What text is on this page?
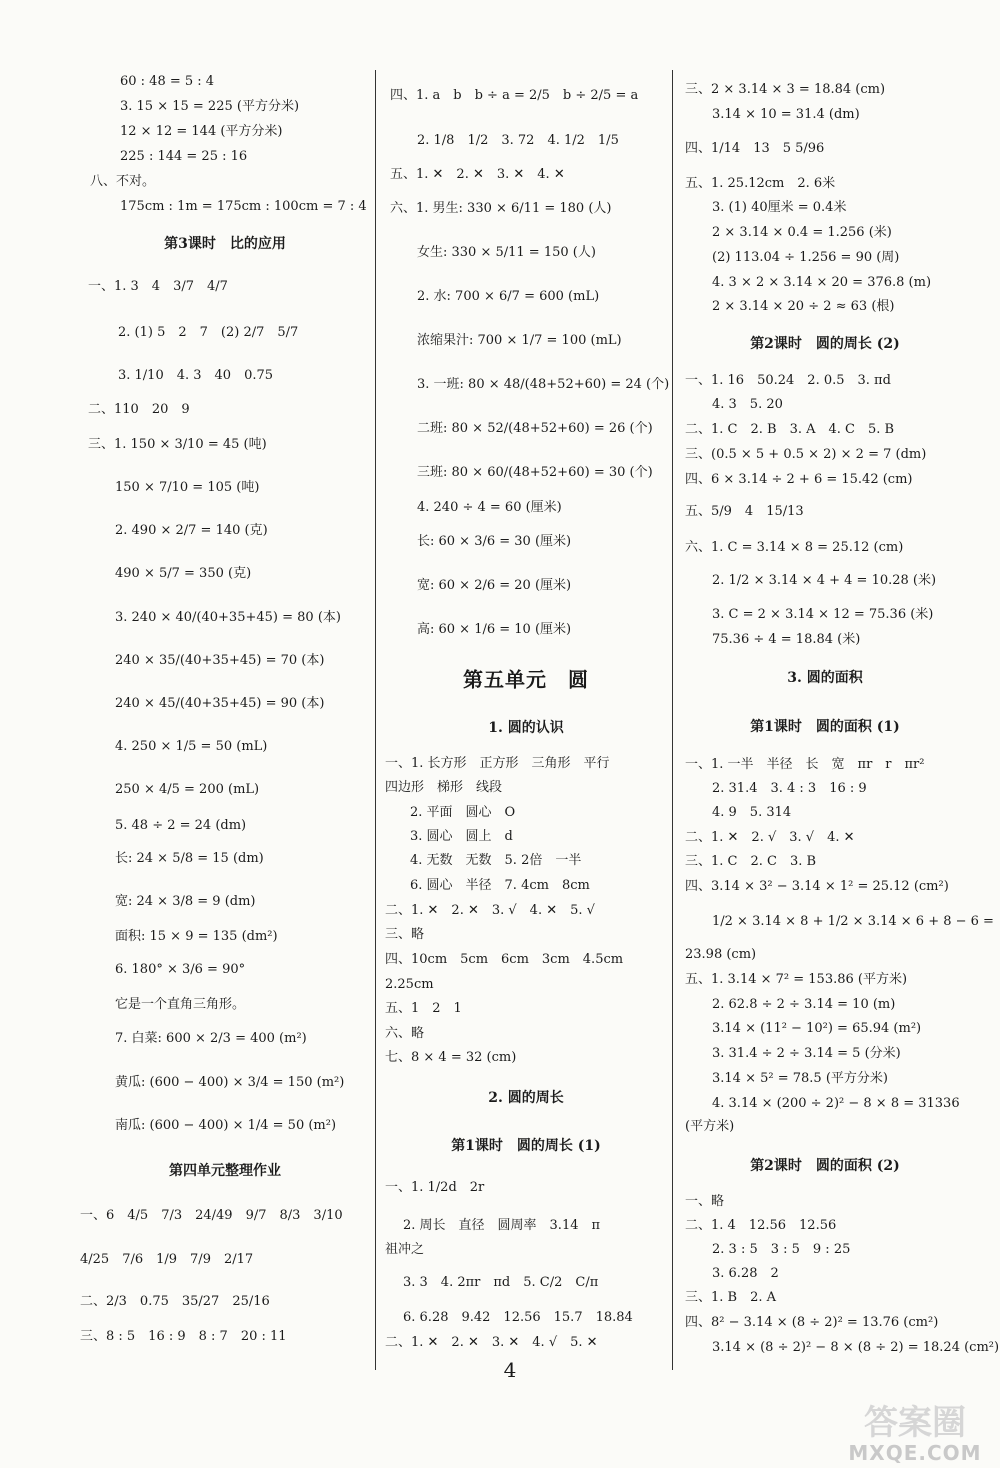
60 : 48 = 5 : 4
3. 15 × 15 = 225 (平方分米)
12 × 12 = 144 (平方分米)
225 : 144 = 25 : 16
八、不对。
175cm : 1m = 175cm : 100cm = 7 : 4
第3课时　比的应用
一、1. 3　4　3/7　4/7
2. (1) 5　2　7　(2) 2/7　5/7
3. 1/10　4. 3　40　0.75
二、110　20　9
三、1. 150 × 3/10 = 45 (吨)
150 × 7/10 = 105 (吨)
2. 490 × 2/7 = 140 (克)
490 × 5/7 = 350 (克)
3. 240 × 40/(40+35+45) = 80 (本)
240 × 35/(40+35+45) = 70 (本)
240 × 45/(40+35+45) = 90 (本)
4. 250 × 1/5 = 50 (mL)
250 × 4/5 = 200 (mL)
5. 48 ÷ 2 = 24 (dm)
长: 24 × 5/8 = 15 (dm)
宽: 24 × 3/8 = 9 (dm)
面积: 15 × 9 = 135 (dm²)
6. 180° × 3/6 = 90°
它是一个直角三角形。
7. 白菜: 600 × 2/3 = 400 (m²)
黄瓜: (600 − 400) × 3/4 = 150 (m²)
南瓜: (600 − 400) × 1/4 = 50 (m²)
第四单元整理作业
一、6　4/5　7/3　24/49　9/7　8/3　3/10
4/25　7/6　1/9　7/9　2/17
二、2/3　0.75　35/27　25/16
三、8 : 5　16 : 9　8 : 7　20 : 11
四、1. a　b　b ÷ a = 2/5　b ÷ 2/5 = a
2. 1/8　1/2　3. 72　4. 1/2　1/5
五、1. ✕　2. ✕　3. ✕　4. ✕
六、1. 男生: 330 × 6/11 = 180 (人)
女生: 330 × 5/11 = 150 (人)
2. 水: 700 × 6/7 = 600 (mL)
浓缩果汁: 700 × 1/7 = 100 (mL)
3. 一班: 80 × 48/(48+52+60) = 24 (个)
二班: 80 × 52/(48+52+60) = 26 (个)
三班: 80 × 60/(48+52+60) = 30 (个)
4. 240 ÷ 4 = 60 (厘米)
长: 60 × 3/6 = 30 (厘米)
宽: 60 × 2/6 = 20 (厘米)
高: 60 × 1/6 = 10 (厘米)
第五单元　圆
1. 圆的认识
一、1. 长方形　正方形　三角形　平行
四边形　梯形　线段
2. 平面　圆心　O
3. 圆心　圆上　d
4. 无数　无数　5. 2倍　一半
6. 圆心　半径　7. 4cm　8cm
二、1. ✕　2. ✕　3. √　4. ✕　5. √
三、略
四、10cm　5cm　6cm　3cm　4.5cm
2.25cm
五、1　2　1
六、略
七、8 × 4 = 32 (cm)
2. 圆的周长
第1课时　圆的周长 (1)
一、1. 1/2d　2r
2. 周长　直径　圆周率　3.14　π
祖冲之
3. 3　4. 2πr　πd　5. C/2　C/π
6. 6.28　9.42　12.56　15.7　18.84
二、1. ✕　2. ✕　3. ✕　4. √　5. ✕
三、2 × 3.14 × 3 = 18.84 (cm)
3.14 × 10 = 31.4 (dm)
四、1/14　13　5 5/96
五、1. 25.12cm　2. 6米
3. (1) 40厘米 = 0.4米
2 × 3.14 × 0.4 = 1.256 (米)
(2) 113.04 ÷ 1.256 = 90 (周)
4. 3 × 2 × 3.14 × 20 = 376.8 (m)
2 × 3.14 × 20 ÷ 2 ≈ 63 (根)
第2课时　圆的周长 (2)
一、1. 16　50.24　2. 0.5　3. πd
4. 3　5. 20
二、1. C　2. B　3. A　4. C　5. B
三、(0.5 × 5 + 0.5 × 2) × 2 = 7 (dm)
四、6 × 3.14 ÷ 2 + 6 = 15.42 (cm)
五、5/9　4　15/13
六、1. C = 3.14 × 8 = 25.12 (cm)
2. 1/2 × 3.14 × 4 + 4 = 10.28 (米)
3. C = 2 × 3.14 × 12 = 75.36 (米)
75.36 ÷ 4 = 18.84 (米)
3. 圆的面积
第1课时　圆的面积 (1)
一、1. 一半　半径　长　宽　πr　r　πr²
2. 31.4　3. 4 : 3　16 : 9
4. 9　5. 314
二、1. ✕　2. √　3. √　4. ✕
三、1. C　2. C　3. B
四、3.14 × 3² − 3.14 × 1² = 25.12 (cm²)
1/2 × 3.14 × 8 + 1/2 × 3.14 × 6 + 8 − 6 =
23.98 (cm)
五、1. 3.14 × 7² = 153.86 (平方米)
2. 62.8 ÷ 2 ÷ 3.14 = 10 (m)
3.14 × (11² − 10²) = 65.94 (m²)
3. 31.4 ÷ 2 ÷ 3.14 = 5 (分米)
3.14 × 5² = 78.5 (平方分米)
4. 3.14 × (200 ÷ 2)² − 8 × 8 = 31336
(平方米)
第2课时　圆的面积 (2)
一、略
二、1. 4　12.56　12.56
2. 3 : 5　3 : 5　9 : 25
3. 6.28　2
三、1. B　2. A
四、8² − 3.14 × (8 ÷ 2)² = 13.76 (cm²)
3.14 × (8 ÷ 2)² − 8 × (8 ÷ 2) = 18.24 (cm²)
4
答案圈
MXQE.COM
